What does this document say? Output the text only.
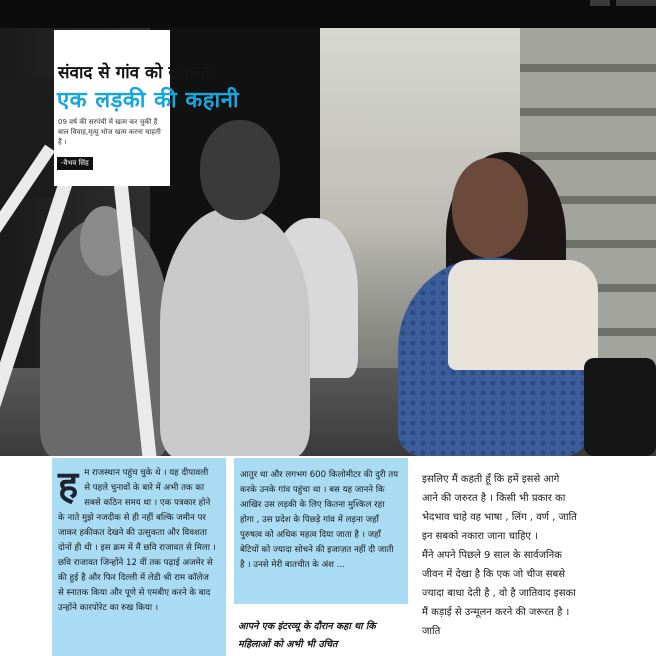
संवाद से गांव को संवारती
एक लड़की की कहानी
09 वर्ष की सरपंची में खत्म कर चुकी हैं बाल विवाह,मृत्यु भोज खत्म करना चाहती हैं ।
-वैभव सिंह
ह म राजस्थान पहुंच चुके थे । यह दीपावली से पहले चुनावों के बारे में अभी तक का सबसे कठिन समय था । एक पत्रकार होने के नाते मुझे नजदीक से ही नहीं बल्कि जमीन पर जाकर हकीकत देखने की उत्सुकता और विवशता दोनों ही थी । इस क्रम में मैं छवि राजावत से मिला । छवि राजावत जिन्होंने 12 वीं तक पढ़ाई अजमेर से की हुई है और फिर दिल्ली में लेडी श्री राम कॉलेज से स्नातक किया और पूणे से एमबीए करने के बाद उन्होंने कारपोरेट का रुख किया ।

आतुर था और लगभग 600 किलोमीटर की दुरी तय करके उनके गांव पहुंचा था । बस यह जानने कि आखिर उस लड़की के लिए कितना मुश्किल रहा होगा , उस प्रदेश के पिछड़े गांव में लड़ना जहाँ पुरुषत्व को अधिक महत्व दिया जाता है । जहाँ बेटियों को ज्यादा सोचने की इजाज़त नहीं दी जाती है । उनसे मेरी बातचीत के अंश ...

आपने एक इंटरव्यू के दौरान कहा था कि महिलाओं को अभी भी उचित

इसलिए मैं कहती हूँ कि हमें इससे आगे आने की जरुरत है । किसी भी प्रकार का भेदभाव चाहे वह भाषा , लिंग , वर्ण , जाति इन सबको नकारा जाना चाहिए ।

मैंने अपने पिछले 9 साल के सार्वजनिक जीवन में देखा है कि एक जो चीज सबसे ज्यादा बाधा देती है , वो है जातिवाद इसका मैं कड़ाई से उन्मूलन करने की जरूरत है । जाति
